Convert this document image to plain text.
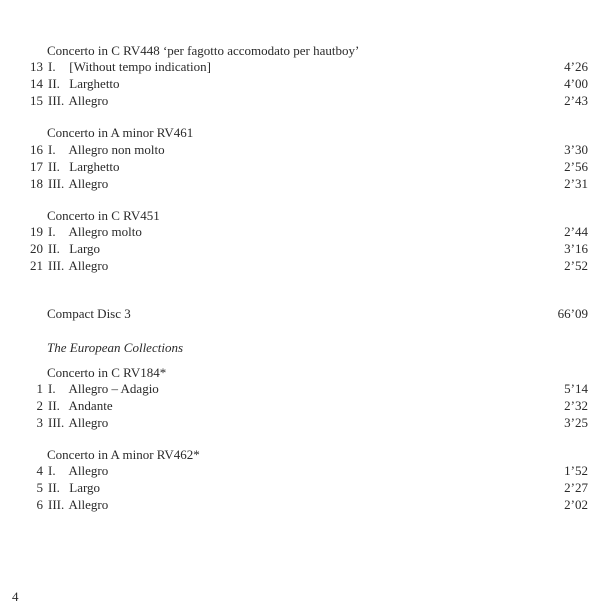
Concerto in C RV448 ‘per fagotto accomodato per hautboy’
13 I. [Without tempo indication]	4’26
14 II. Larghetto	4’00
15 III. Allegro	2’43
Concerto in A minor RV461
16 I. Allegro non molto	3’30
17 II. Larghetto	2’56
18 III. Allegro	2’31
Concerto in C RV451
19 I. Allegro molto	2’44
20 II. Largo	3’16
21 III. Allegro	2’52
Compact Disc 3	66’09
The European Collections
Concerto in C RV184*
1 I. Allegro – Adagio	5’14
2 II. Andante	2’32
3 III. Allegro	3’25
Concerto in A minor RV462*
4 I. Allegro	1’52
5 II. Largo	2’27
6 III. Allegro	2’02
4
